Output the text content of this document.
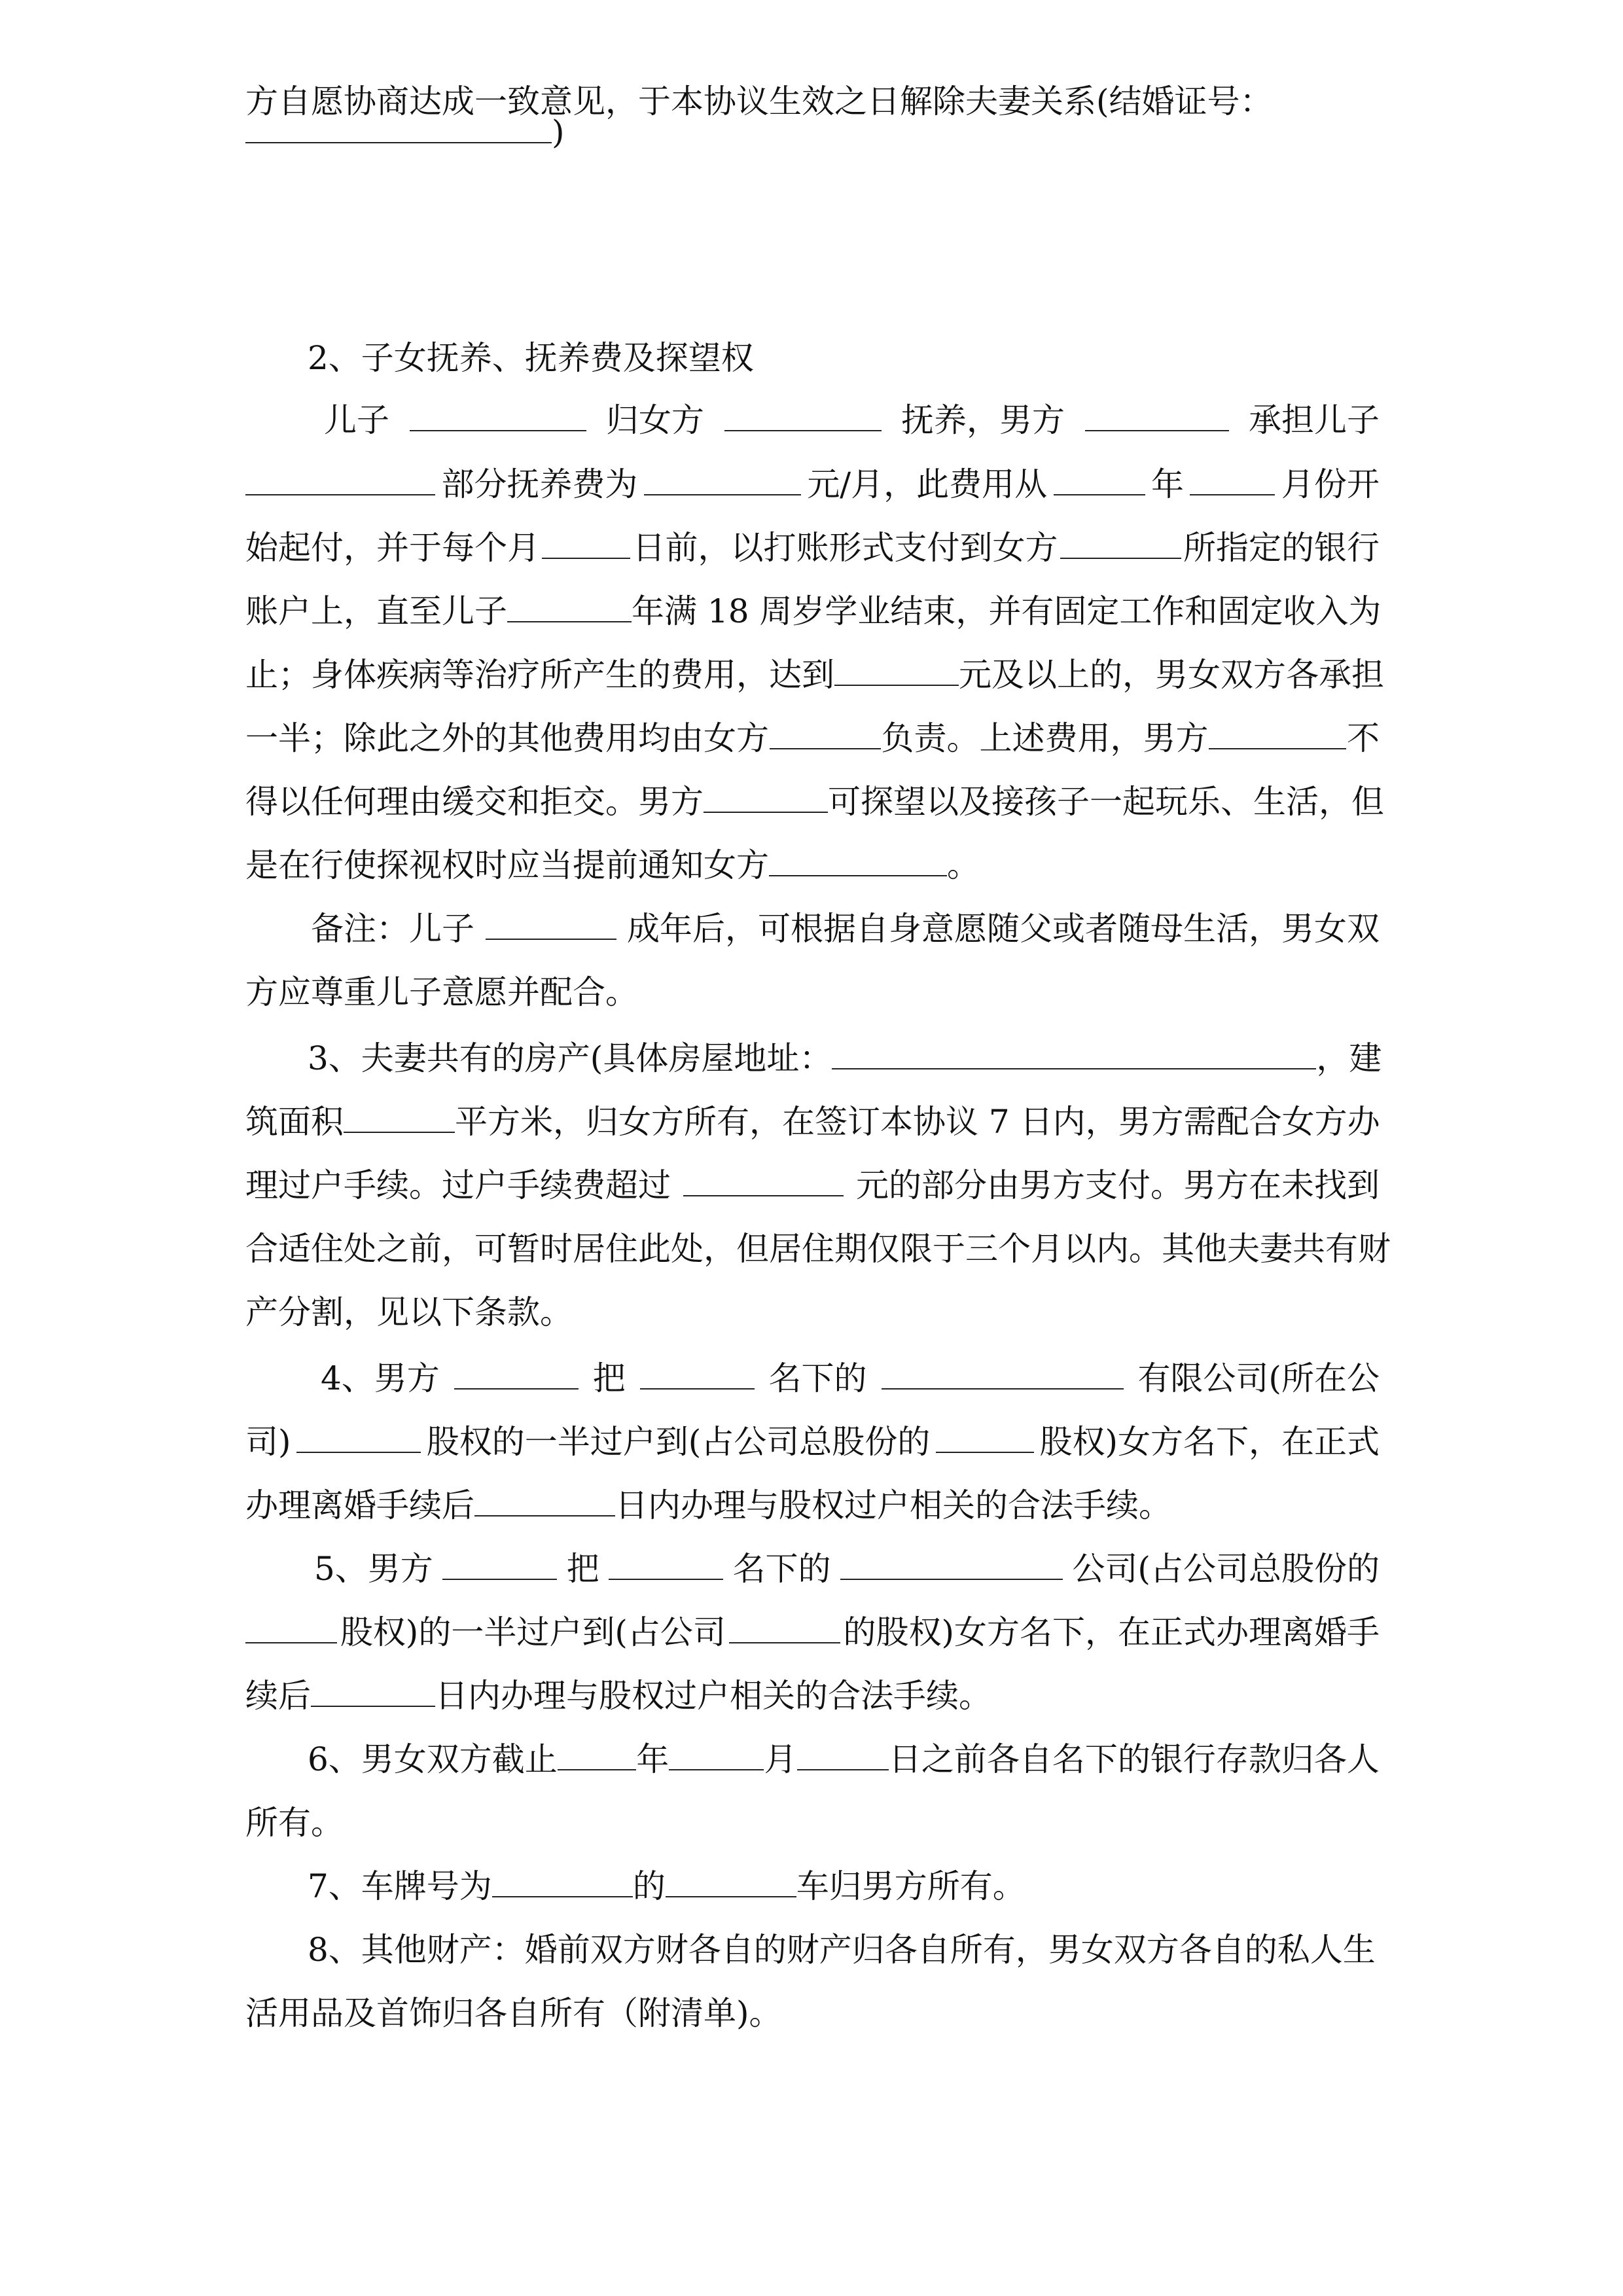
方自愿协商达成一致意见，于本协议生效之日解除夫妻关系(结婚证号：
)
2、子女抚养、抚养费及探望权
儿子	归女方	抚养，男方	承担儿子
部分抚养费为	元/月，此费用从	年	月份开
始起付，并于每个月	日前，以打账形式支付到女方	所指定的银行
账户上，直至儿子	年满 18 周岁学业结束，并有固定工作和固定收入为
止；身体疾病等治疗所产生的费用，达到	元及以上的，男女双方各承担
一半；除此之外的其他费用均由女方	负责。上述费用，男方	不
得以任何理由缓交和拒交。男方	可探望以及接孩子一起玩乐、生活，但
是在行使探视权时应当提前通知女方	。
备注：儿子	成年后，可根据自身意愿随父或者随母生活，男女双
方应尊重儿子意愿并配合。
3、夫妻共有的房产(具体房屋地址：	，建
筑面积	平方米，归女方所有，在签订本协议 7 日内，男方需配合女方办
理过户手续。过户手续费超过	元的部分由男方支付。男方在未找到
合适住处之前，可暂时居住此处，但居住期仅限于三个月以内。其他夫妻共有财
产分割，见以下条款。
4、男方	把	名下的	有限公司(所在公
司)	股权的一半过户到(占公司总股份的	股权)女方名下，在正式
办理离婚手续后	日内办理与股权过户相关的合法手续。
5、男方	把	名下的	公司(占公司总股份的
股权)的一半过户到(占公司	的股权)女方名下，在正式办理离婚手
续后	日内办理与股权过户相关的合法手续。
6、男女双方截止 年	月	日之前各自名下的银行存款归各人
所有。
7、车牌号为	的	车归男方所有。
8、其他财产：婚前双方财各自的财产归各自所有，男女双方各自的私人生
活用品及首饰归各自所有（附清单)。
